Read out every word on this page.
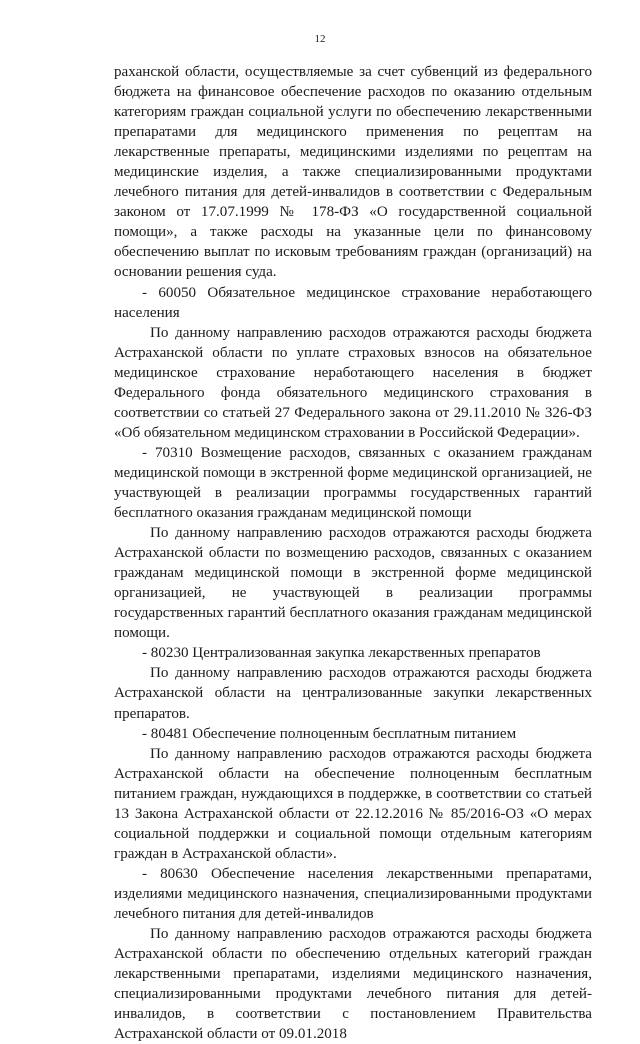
12

раханской области, осуществляемые за счет субвенций из федерального бюджета на финансовое обеспечение расходов по оказанию отдельным категориям граждан социальной услуги по обеспечению лекарственными препаратами для медицинского применения по рецептам на лекарственные препараты, медицинскими изделиями по рецептам на медицинские изделия, а также специализированными продуктами лечебного питания для детей-инвалидов в соответствии с Федеральным законом от 17.07.1999 № 178-ФЗ «О государственной социальной помощи», а также расходы на указанные цели по финансовому обеспечению выплат по исковым требованиям граждан (организаций) на основании решения суда.

- 60050 Обязательное медицинское страхование неработающего населения

По данному направлению расходов отражаются расходы бюджета Астраханской области по уплате страховых взносов на обязательное медицинское страхование неработающего населения в бюджет Федерального фонда обязательного медицинского страхования в соответствии со статьей 27 Федерального закона от 29.11.2010 № 326-ФЗ «Об обязательном медицинском страховании в Российской Федерации».

- 70310 Возмещение расходов, связанных с оказанием гражданам медицинской помощи в экстренной форме медицинской организацией, не участвующей в реализации программы государственных гарантий бесплатного оказания гражданам медицинской помощи

По данному направлению расходов отражаются расходы бюджета Астраханской области по возмещению расходов, связанных с оказанием гражданам медицинской помощи в экстренной форме медицинской организацией, не участвующей в реализации программы государственных гарантий бесплатного оказания гражданам медицинской помощи.

- 80230 Централизованная закупка лекарственных препаратов

По данному направлению расходов отражаются расходы бюджета Астраханской области на централизованные закупки лекарственных препаратов.

- 80481 Обеспечение полноценным бесплатным питанием

По данному направлению расходов отражаются расходы бюджета Астраханской области на обеспечение полноценным бесплатным питанием граждан, нуждающихся в поддержке, в соответствии со статьей 13 Закона Астраханской области от 22.12.2016 № 85/2016-ОЗ «О мерах социальной поддержки и социальной помощи отдельным категориям граждан в Астраханской области».

- 80630 Обеспечение населения лекарственными препаратами, изделиями медицинского назначения, специализированными продуктами лечебного питания для детей-инвалидов

По данному направлению расходов отражаются расходы бюджета Астраханской области по обеспечению отдельных категорий граждан лекарственными препаратами, изделиями медицинского назначения, специализированными продуктами лечебного питания для детей-инвалидов, в соответствии с постановлением Правительства Астраханской области от 09.01.2018
